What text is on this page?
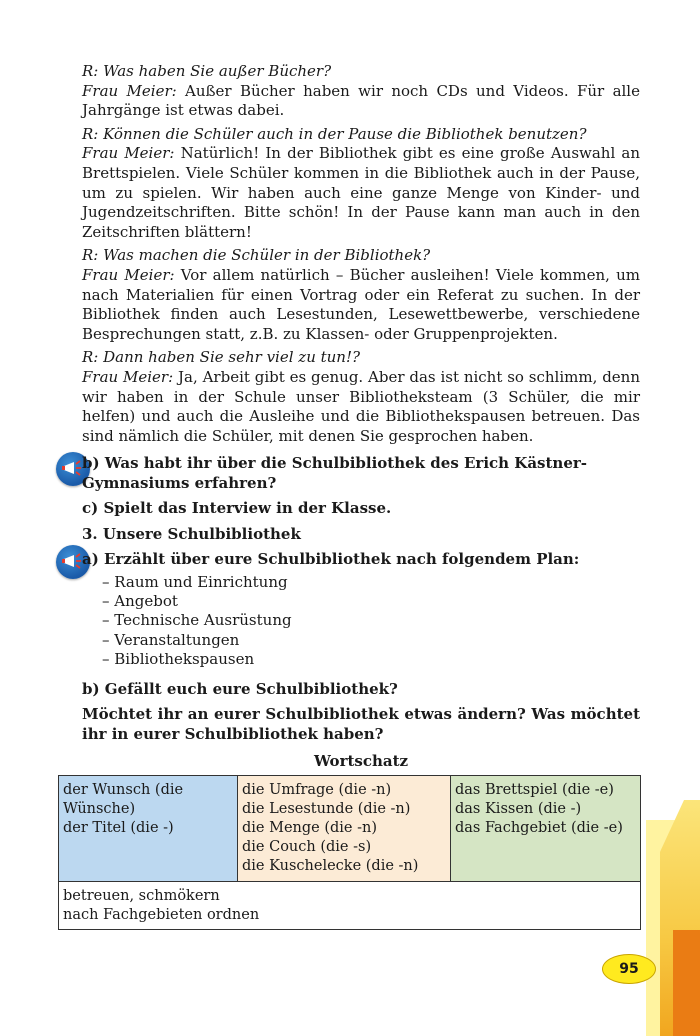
R: Was haben Sie außer Bücher?

Frau Meier: Außer Bücher haben wir noch CDs und Videos. Für alle Jahrgänge ist etwas dabei.

R: Können die Schüler auch in der Pause die Bibliothek benutzen?

Frau Meier: Natürlich! In der Bibliothek gibt es eine große Auswahl an Brettspielen. Viele Schüler kommen in die Bibliothek auch in der Pause, um zu spielen. Wir haben auch eine ganze Menge von Kinder- und Jugendzeitschriften. Bitte schön! In der Pause kann man auch in den Zeitschriften blättern!

R: Was machen die Schüler in der Bibliothek?

Frau Meier: Vor allem natürlich – Bücher ausleihen! Viele kommen, um nach Materialien für einen Vortrag oder ein Referat zu suchen. In der Bibliothek finden auch Lesestunden, Lesewettbewerbe, verschiedene Besprechungen statt, z.B. zu Klassen- oder Gruppenprojekten.

R: Dann haben Sie sehr viel zu tun!?

Frau Meier: Ja, Arbeit gibt es genug. Aber das ist nicht so schlimm, denn wir haben in der Schule unser Bibliotheksteam (3 Schüler, die mir helfen) und auch die Ausleihe und die Bibliothekspausen betreuen. Das sind nämlich die Schüler, mit denen Sie gesprochen haben.

b) Was habt ihr über die Schulbibliothek des Erich Kästner-Gymnasiums erfahren?

c) Spielt das Interview in der Klasse.

3. Unsere Schulbibliothek

a) Erzählt über eure Schulbibliothek nach folgendem Plan:

– Raum und Einrichtung
– Angebot
– Technische Ausrüstung
– Veranstaltungen
– Bibliothekspausen

b) Gefällt euch eure Schulbibliothek?

Möchtet ihr an eurer Schulbibliothek etwas ändern? Was möchtet ihr in eurer Schulbibliothek haben?

Wortschatz

der Wunsch (die Wünsche)
der Titel (die -)

die Umfrage (die -n)
die Lesestunde (die -n)
die Menge (die -n)
die Couch (die -s)
die Kuschelecke (die -n)

das Brettspiel (die -e)
das Kissen (die -)
das Fachgebiet (die -e)

betreuen, schmökern
nach Fachgebieten ordnen
95
